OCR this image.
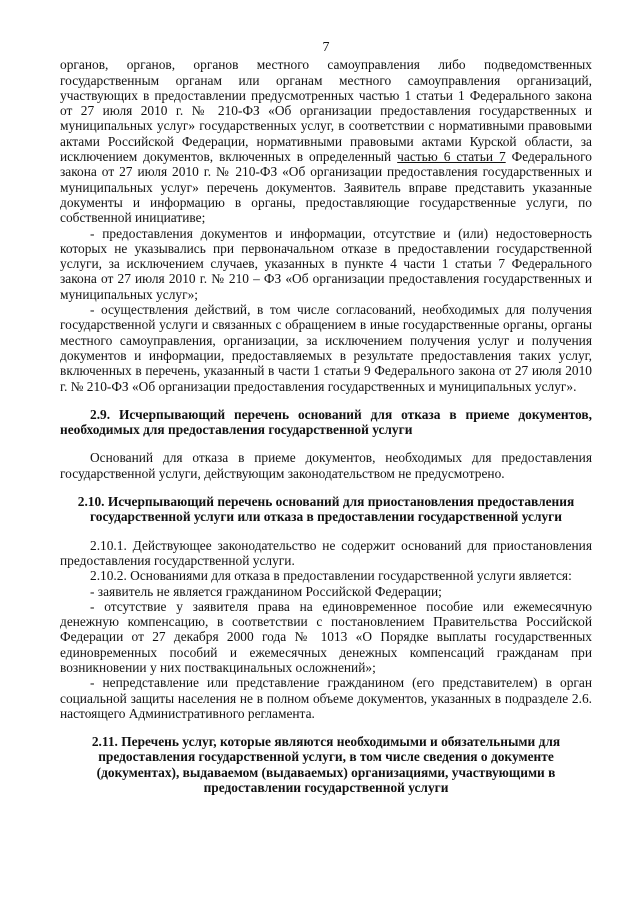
7

органов, органов, органов местного самоуправления либо подведомственных государственным органам или органам местного самоуправления организаций, участвующих в предоставлении предусмотренных частью 1 статьи 1 Федерального закона от 27 июля 2010 г. № 210-ФЗ «Об организации предоставления государственных и муниципальных услуг» государственных услуг, в соответствии с нормативными правовыми актами Российской Федерации, нормативными правовыми актами Курской области, за исключением документов, включенных в определенный частью 6 статьи 7 Федерального закона от 27 июля 2010 г. № 210-ФЗ «Об организации предоставления государственных и муниципальных услуг» перечень документов. Заявитель вправе представить указанные документы и информацию в органы, предоставляющие государственные услуги, по собственной инициативе;

- предоставления документов и информации, отсутствие и (или) недостоверность которых не указывались при первоначальном отказе в предоставлении государственной услуги, за исключением случаев, указанных в пункте 4 части 1 статьи 7 Федерального закона от 27 июля 2010 г. № 210 – ФЗ «Об организации предоставления государственных и муниципальных услуг»;

- осуществления действий, в том числе согласований, необходимых для получения государственной услуги и связанных с обращением в иные государственные органы, органы местного самоуправления, организации, за исключением получения услуг и получения документов и информации, предоставляемых в результате предоставления таких услуг, включенных в перечень, указанный в части 1 статьи 9 Федерального закона от 27 июля 2010 г. № 210-ФЗ «Об организации предоставления государственных и муниципальных услуг».

2.9. Исчерпывающий перечень оснований для отказа в приеме документов, необходимых для предоставления государственной услуги

Оснований для отказа в приеме документов, необходимых для предоставления государственной услуги, действующим законодательством не предусмотрено.

2.10. Исчерпывающий перечень оснований для приостановления предоставления государственной услуги или отказа в предоставлении государственной услуги

2.10.1. Действующее законодательство не содержит оснований для приостановления предоставления государственной услуги.

2.10.2. Основаниями для отказа в предоставлении государственной услуги является:

- заявитель не является гражданином Российской Федерации;

- отсутствие у заявителя права на единовременное пособие или ежемесячную денежную компенсацию, в соответствии с постановлением Правительства Российской Федерации от 27 декабря 2000 года № 1013 «О Порядке выплаты государственных единовременных пособий и ежемесячных денежных компенсаций гражданам при возникновении у них поствакцинальных осложнений»;

- непредставление или представление гражданином (его представителем) в орган социальной защиты населения не в полном объеме документов, указанных в подразделе 2.6. настоящего Административного регламента.

2.11. Перечень услуг, которые являются необходимыми и обязательными для предоставления государственной услуги, в том числе сведения о документе (документах), выдаваемом (выдаваемых) организациями, участвующими в предоставлении государственной услуги
